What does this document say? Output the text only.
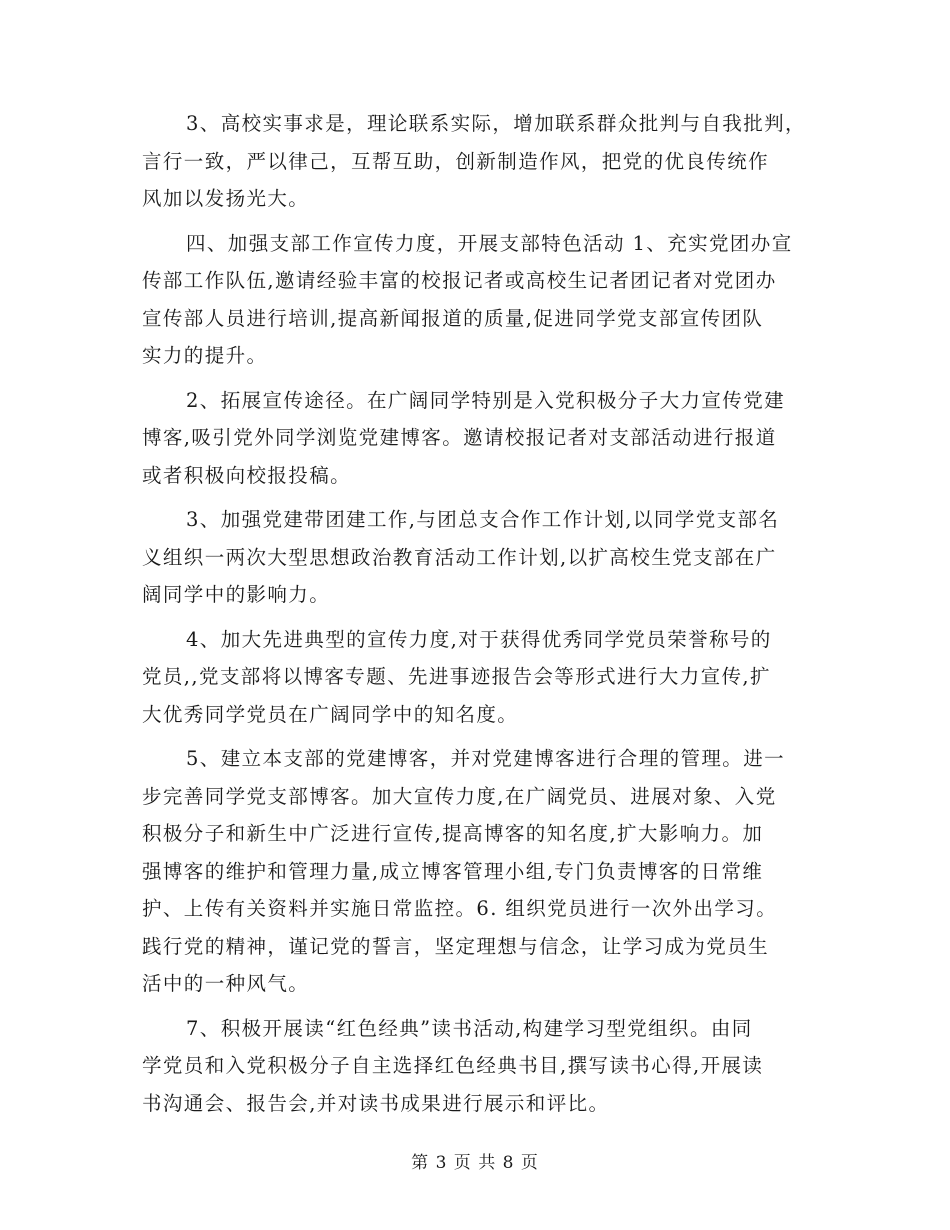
3、高校实事求是，理论联系实际，增加联系群众批判与自我批判，
言行一致，严以律己，互帮互助，创新制造作风，把党的优良传统作
风加以发扬光大。

四、加强支部工作宣传力度，开展支部特色活动 1、充实党团办宣
传部工作队伍,邀请经验丰富的校报记者或高校生记者团记者对党团办
宣传部人员进行培训,提高新闻报道的质量,促进同学党支部宣传团队
实力的提升。

2、拓展宣传途径。在广阔同学特别是入党积极分子大力宣传党建
博客,吸引党外同学浏览党建博客。邀请校报记者对支部活动进行报道
或者积极向校报投稿。

3、加强党建带团建工作,与团总支合作工作计划,以同学党支部名
义组织一两次大型思想政治教育活动工作计划,以扩高校生党支部在广
阔同学中的影响力。

4、加大先进典型的宣传力度,对于获得优秀同学党员荣誉称号的
党员,,党支部将以博客专题、先进事迹报告会等形式进行大力宣传,扩
大优秀同学党员在广阔同学中的知名度。

5、建立本支部的党建博客，并对党建博客进行合理的管理。进一
步完善同学党支部博客。加大宣传力度,在广阔党员、进展对象、入党
积极分子和新生中广泛进行宣传,提高博客的知名度,扩大影响力。加
强博客的维护和管理力量,成立博客管理小组,专门负责博客的日常维
护、上传有关资料并实施日常监控。6. 组织党员进行一次外出学习。
践行党的精神，谨记党的誓言，坚定理想与信念，让学习成为党员生
活中的一种风气。

7、积极开展读“红色经典”读书活动,构建学习型党组织。由同
学党员和入党积极分子自主选择红色经典书目,撰写读书心得,开展读
书沟通会、报告会,并对读书成果进行展示和评比。

第 3 页 共 8 页
